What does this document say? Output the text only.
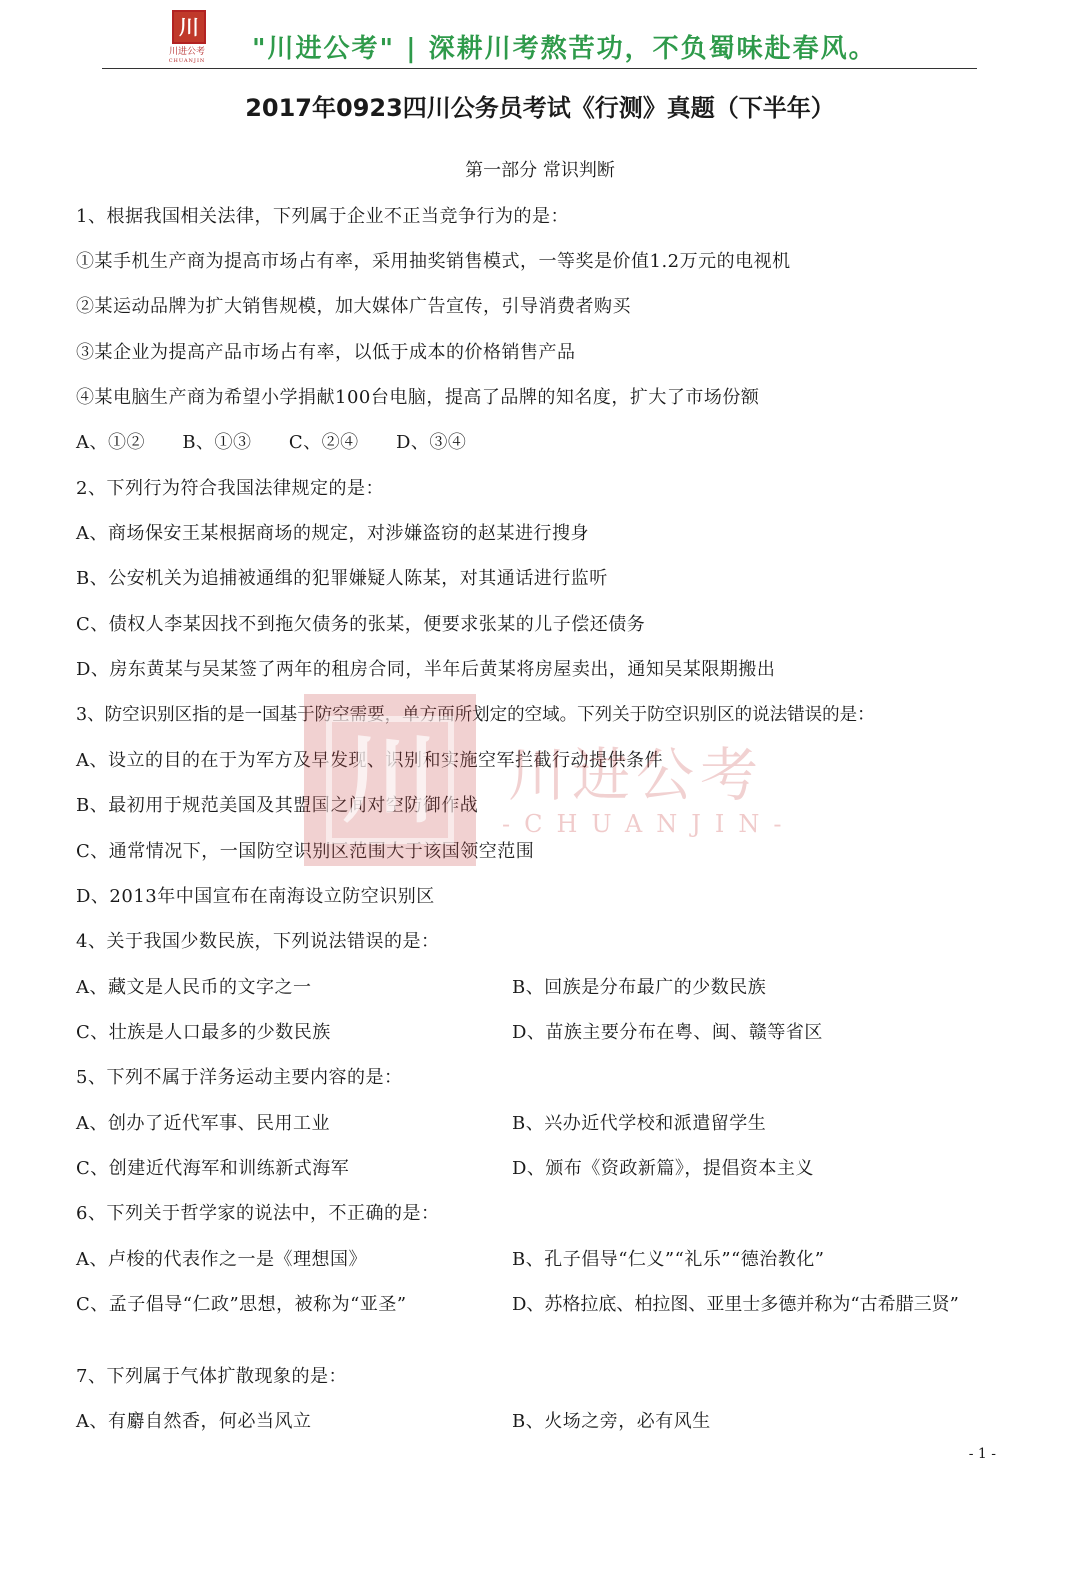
川
川进公考
CHUANJIN	"川进公考" | 深耕川考熬苦功，不负蜀味赴春风。
2017年0923四川公务员考试《行测》真题（下半年）
第一部分 常识判断
1、根据我国相关法律，下列属于企业不正当竞争行为的是：
①某手机生产商为提高市场占有率，采用抽奖销售模式，一等奖是价值1.2万元的电视机
②某运动品牌为扩大销售规模，加大媒体广告宣传，引导消费者购买
③某企业为提高产品市场占有率，以低于成本的价格销售产品
④某电脑生产商为希望小学捐献100台电脑，提高了品牌的知名度，扩大了市场份额
A、①②      B、①③      C、②④      D、③④
2、下列行为符合我国法律规定的是：
A、商场保安王某根据商场的规定，对涉嫌盗窃的赵某进行搜身
B、公安机关为追捕被通缉的犯罪嫌疑人陈某，对其通话进行监听
C、债权人李某因找不到拖欠债务的张某，便要求张某的儿子偿还债务
D、房东黄某与吴某签了两年的租房合同，半年后黄某将房屋卖出，通知吴某限期搬出
3、防空识别区指的是一国基于防空需要，单方面所划定的空域。下列关于防空识别区的说法错误的是：
A、设立的目的在于为军方及早发现、识别和实施空军拦截行动提供条件
B、最初用于规范美国及其盟国之间对空防御作战
C、通常情况下，一国防空识别区范围大于该国领空范围
D、2013年中国宣布在南海设立防空识别区
4、关于我国少数民族，下列说法错误的是：
A、藏文是人民币的文字之一	B、回族是分布最广的少数民族
C、壮族是人口最多的少数民族	D、苗族主要分布在粤、闽、赣等省区
5、下列不属于洋务运动主要内容的是：
A、创办了近代军事、民用工业	B、兴办近代学校和派遣留学生
C、创建近代海军和训练新式海军	D、颁布《资政新篇》，提倡资本主义
6、下列关于哲学家的说法中，不正确的是：
A、卢梭的代表作之一是《理想国》	B、孔子倡导“仁义”“礼乐”“德治教化”
C、孟子倡导“仁政”思想，被称为“亚圣”	D、苏格拉底、柏拉图、亚里士多德并称为“古希腊三贤”
7、下列属于气体扩散现象的是：
A、有麝自然香，何必当风立	B、火场之旁，必有风生
川 川进公考
-CHUANJIN-
- 1 -
